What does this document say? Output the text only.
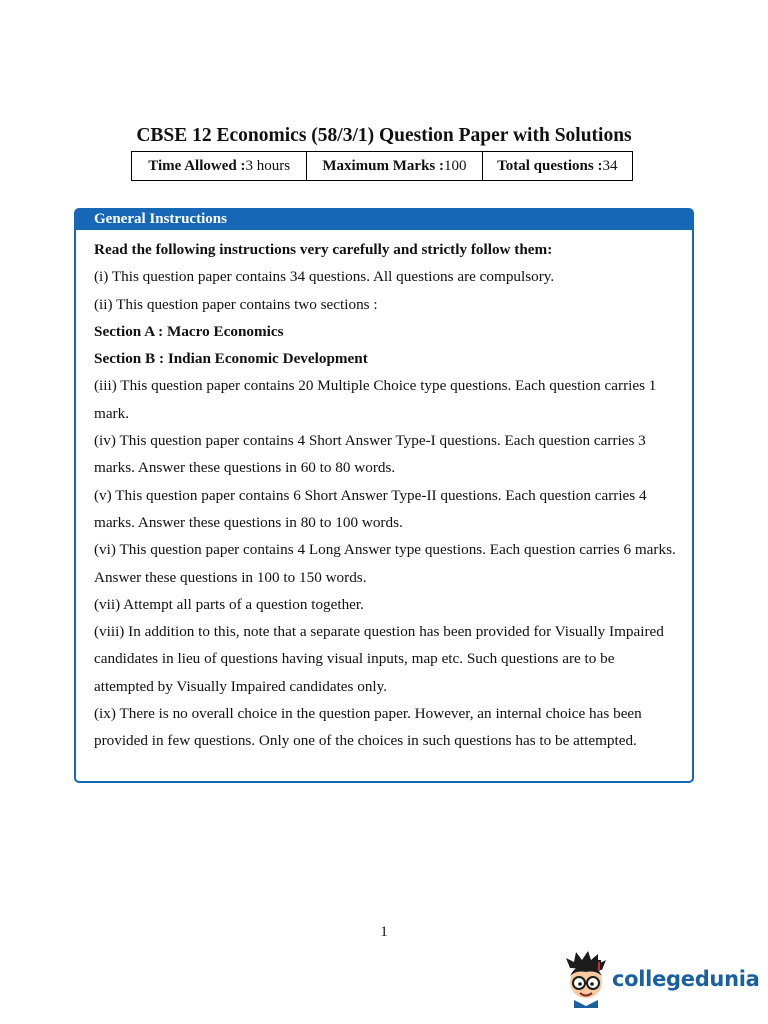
CBSE 12 Economics (58/3/1) Question Paper with Solutions
Time Allowed : 3 hours Maximum Marks : 100 Total questions : 34
General Instructions

Read the following instructions very carefully and strictly follow them:

(i) This question paper contains 34 questions. All questions are compulsory.

(ii) This question paper contains two sections :

Section A : Macro Economics

Section B : Indian Economic Development

(iii) This question paper contains 20 Multiple Choice type questions. Each question carries 1 mark.

(iv) This question paper contains 4 Short Answer Type-I questions. Each question carries 3 marks. Answer these questions in 60 to 80 words.

(v) This question paper contains 6 Short Answer Type-II questions. Each question carries 4 marks. Answer these questions in 80 to 100 words.

(vi) This question paper contains 4 Long Answer type questions. Each question carries 6 marks. Answer these questions in 100 to 150 words.

(vii) Attempt all parts of a question together.

(viii) In addition to this, note that a separate question has been provided for Visually Impaired candidates in lieu of questions having visual inputs, map etc. Such questions are to be attempted by Visually Impaired candidates only.

(ix) There is no overall choice in the question paper. However, an internal choice has been provided in few questions. Only one of the choices in such questions has to be attempted.

1
collegedunia
